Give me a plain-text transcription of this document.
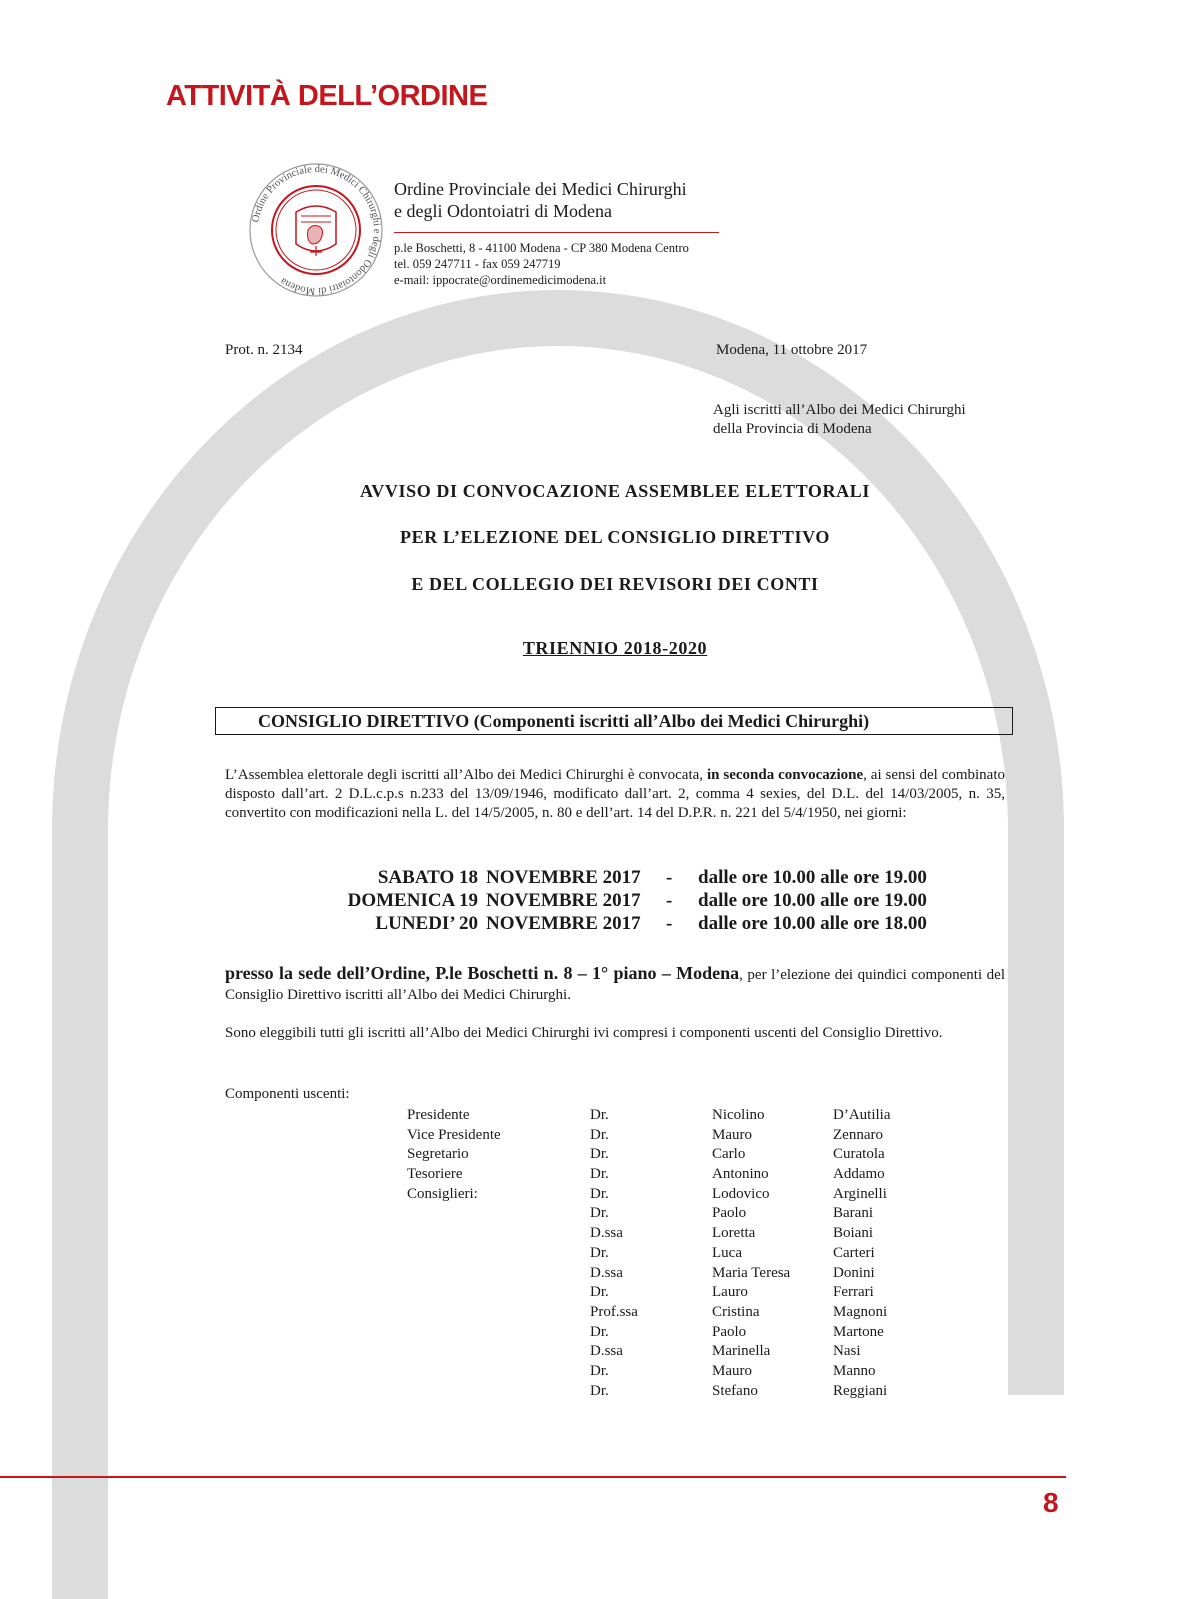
ATTIVITÀ DELL’ORDINE
Ordine Provinciale dei Medici Chirurghi e degli Odontoiatri di Modena
Ordine Provinciale dei Medici Chirurghi
e degli Odontoiatri di Modena
p.le Boschetti, 8 - 41100 Modena - CP 380 Modena Centro
tel. 059 247711 - fax 059 247719
e-mail: ippocrate@ordinemedicimodena.it
Prot. n. 2134	Modena, 11 ottobre 2017
Agli iscritti all’Albo dei Medici Chirurghi
della Provincia di Modena
AVVISO DI CONVOCAZIONE ASSEMBLEE ELETTORALI
PER L’ELEZIONE DEL CONSIGLIO DIRETTIVO
E DEL COLLEGIO DEI REVISORI DEI CONTI
TRIENNIO 2018-2020
CONSIGLIO DIRETTIVO (Componenti iscritti all’Albo dei Medici Chirurghi)
L’Assemblea elettorale degli iscritti all’Albo dei Medici Chirurghi è convocata, in seconda convocazione, ai sensi del combinato disposto dall’art. 2 D.L.c.p.s n.233 del 13/09/1946, modificato dall’art. 2, comma 4 sexies, del D.L. del 14/03/2005, n. 35, convertito con modificazioni nella L. del 14/5/2005, n. 80 e dell’art. 14 del D.P.R. n. 221 del 5/4/1950, nei giorni:
SABATO 18 NOVEMBRE 2017 - dalle ore 10.00 alle ore 19.00
DOMENICA 19 NOVEMBRE 2017 - dalle ore 10.00 alle ore 19.00
LUNEDI’ 20 NOVEMBRE 2017 - dalle ore 10.00 alle ore 18.00
presso la sede dell’Ordine, P.le Boschetti n. 8 – 1° piano – Modena, per l’elezione dei quindici componenti del Consiglio Direttivo iscritti all’Albo dei Medici Chirurghi.
Sono eleggibili tutti gli iscritti all’Albo dei Medici Chirurghi ivi compresi i componenti uscenti del Consiglio Direttivo.
Componenti uscenti:
Presidente	Dr.	Nicolino	D’Autilia
Vice Presidente	Dr.	Mauro	Zennaro
Segretario	Dr.	Carlo	Curatola
Tesoriere	Dr.	Antonino	Addamo
Consiglieri:	Dr.	Lodovico	Arginelli
Dr.	Paolo	Barani
D.ssa	Loretta	Boiani
Dr.	Luca	Carteri
D.ssa	Maria Teresa	Donini
Dr.	Lauro	Ferrari
Prof.ssa	Cristina	Magnoni
Dr.	Paolo	Martone
D.ssa	Marinella	Nasi
Dr.	Mauro	Manno
Dr.	Stefano	Reggiani
8
